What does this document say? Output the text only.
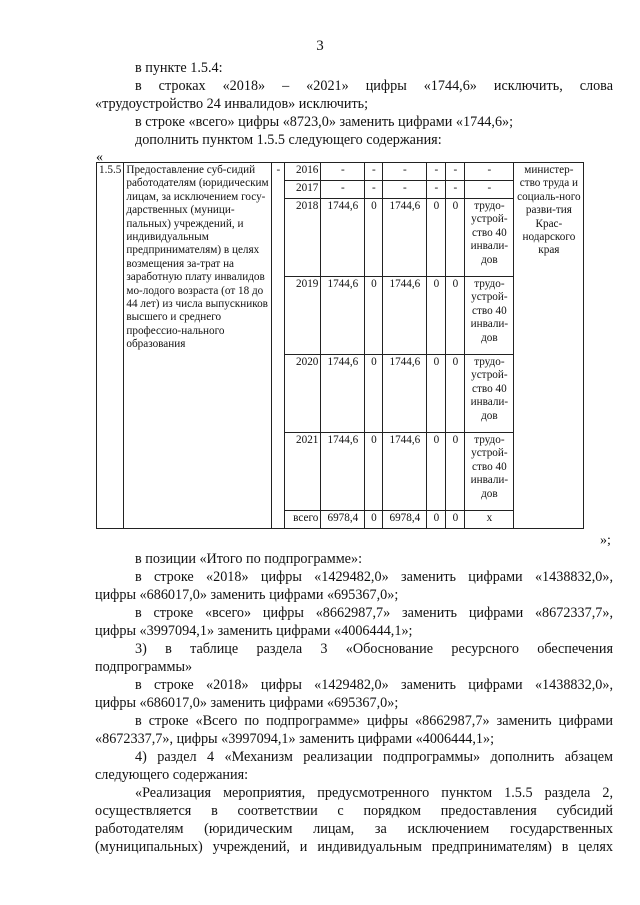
3
в пункте 1.5.4:
в строках «2018» – «2021» цифры «1744,6» исключить, слова
«трудоустройство 24 инвалидов» исключить;
в строке «всего» цифры «8723,0» заменить цифрами «1744,6»;
дополнить пунктом 1.5.5 следующего содержания:
«
1.5.5	Предоставление суб-сидий работодателям (юридическим лицам, за исключением госу-дарственных (муници-пальных) учреждений, и индивидуальным предпринимателям) в целях возмещения за-трат на заработную плату инвалидов мо-лодого возраста (от 18 до 44 лет) из числа выпускников высшего и среднего профессио-нального образования	-	2016	-	-	-	-	-	-	министер-ство труда и социаль-ного разви-тия Крас-нодарского края
			2017	-	-	-	-	-	-	
			2018	1744,6	0	1744,6	0	0	трудо-устрой-ство 40 инвали-дов	
			2019	1744,6	0	1744,6	0	0	трудо-устрой-ство 40 инвали-дов	
			2020	1744,6	0	1744,6	0	0	трудо-устрой-ство 40 инвали-дов	
			2021	1744,6	0	1744,6	0	0	трудо-устрой-ство 40 инвали-дов	
			всего	6978,4	0	6978,4	0	0	х	
»;
в позиции «Итого по подпрограмме»:
в строке «2018» цифры «1429482,0» заменить цифрами «1438832,0»,
цифры «686017,0» заменить цифрами «695367,0»;
в строке «всего» цифры «8662987,7» заменить цифрами «8672337,7»,
цифры «3997094,1» заменить цифрами «4006444,1»;
3) в таблице раздела 3 «Обоснование ресурсного обеспечения
подпрограммы»
в строке «2018» цифры «1429482,0» заменить цифрами «1438832,0»,
цифры «686017,0» заменить цифрами «695367,0»;
в строке «Всего по подпрограмме» цифры «8662987,7» заменить цифрами
«8672337,7», цифры «3997094,1» заменить цифрами «4006444,1»;
4) раздел 4 «Механизм реализации подпрограммы» дополнить абзацем
следующего содержания:
«Реализация мероприятия, предусмотренного пунктом 1.5.5 раздела 2,
осуществляется в соответствии с порядком предоставления субсидий
работодателям (юридическим лицам, за исключением государственных
(муниципальных) учреждений, и индивидуальным предпринимателям) в целях
